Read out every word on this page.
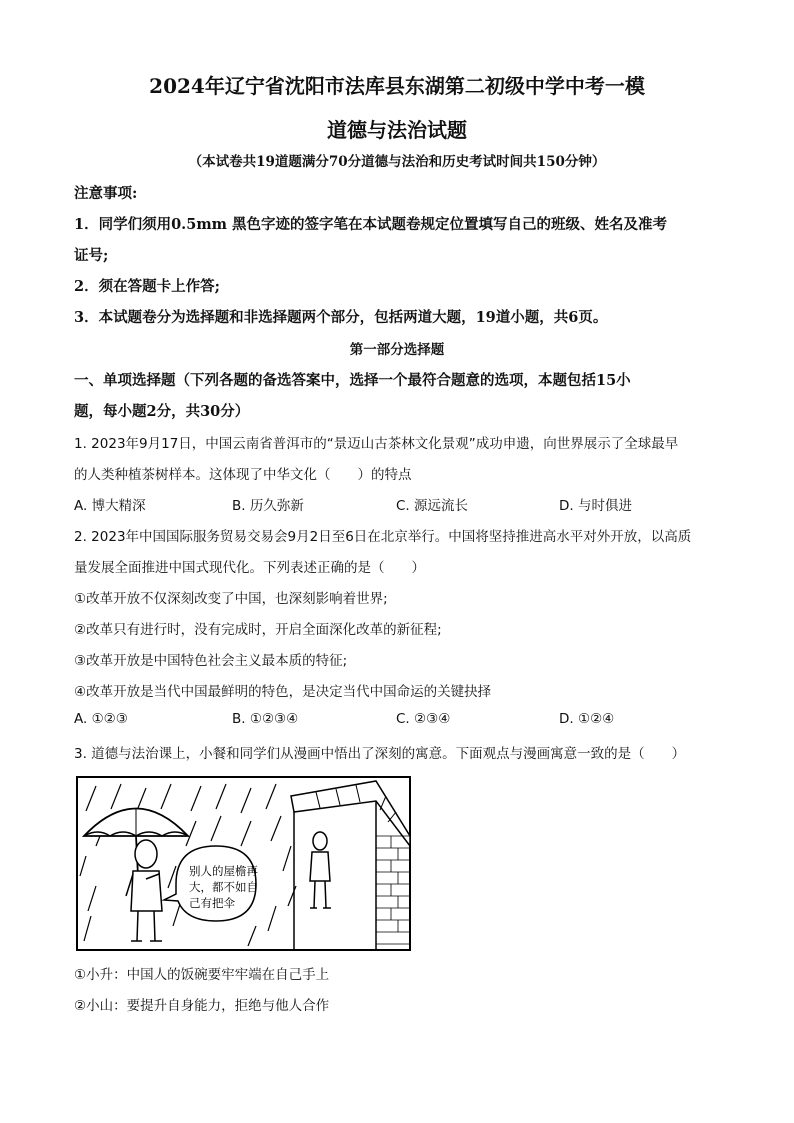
2024年辽宁省沈阳市法库县东湖第二初级中学中考一模
道德与法治试题
（本试卷共19道题满分70分道德与法治和历史考试时间共150分钟）
注意事项:
1．同学们须用0.5mm 黑色字迹的签字笔在本试题卷规定位置填写自己的班级、姓名及准考
证号;
2．须在答题卡上作答;
3．本试题卷分为选择题和非选择题两个部分，包括两道大题，19道小题，共6页。
第一部分选择题
一、单项选择题（下列各题的备选答案中，选择一个最符合题意的选项，本题包括15小
题，每小题2分，共30分）
1. 2023年9月17日，中国云南省普洱市的“景迈山古茶林文化景观”成功申遗，向世界展示了全球最早
的人类种植茶树样本。这体现了中华文化（　　）的特点
A. 博大精深	B. 历久弥新	C. 源远流长	D. 与时俱进
2. 2023年中国国际服务贸易交易会9月2日至6日在北京举行。中国将坚持推进高水平对外开放，以高质
量发展全面推进中国式现代化。下列表述正确的是（　　）
①改革开放不仅深刻改变了中国，也深刻影响着世界;
②改革只有进行时，没有完成时，开启全面深化改革的新征程;
③改革开放是中国特色社会主义最本质的特征;
④改革开放是当代中国最鲜明的特色，是决定当代中国命运的关键抉择
A. ①②③	B. ①②③④	C. ②③④	D. ①②④
3. 道德与法治课上，小餐和同学们从漫画中悟出了深刻的寓意。下面观点与漫画寓意一致的是（　　）
别人的屋檐再
大，都不如自
己有把伞
①小升：中国人的饭碗要牢牢端在自己手上
②小山：要提升自身能力，拒绝与他人合作
